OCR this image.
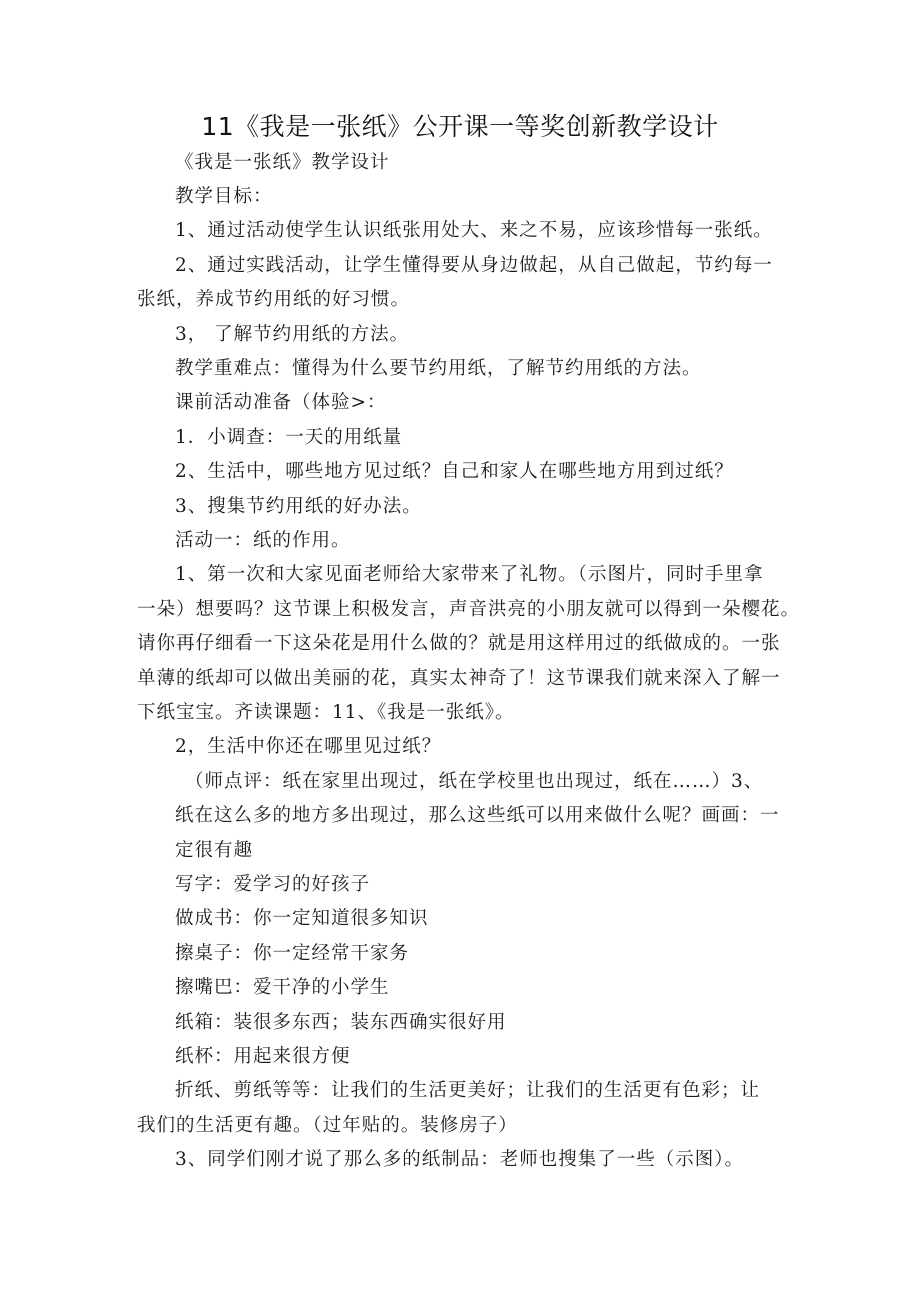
11《我是一张纸》公开课一等奖创新教学设计
《我是一张纸》教学设计
教学目标：
1、通过活动使学生认识纸张用处大、来之不易，应该珍惜每一张纸。
2、通过实践活动，让学生懂得要从身边做起，从自己做起，节约每一
张纸，养成节约用纸的好习惯。
3， 了解节约用纸的方法。
教学重难点：懂得为什么要节约用纸，了解节约用纸的方法。
课前活动准备（体验>：
1．小调查：一天的用纸量
2、生活中，哪些地方见过纸？自己和家人在哪些地方用到过纸？
3、搜集节约用纸的好办法。
活动一：纸的作用。
1、第一次和大家见面老师给大家带来了礼物。（示图片，同时手里拿
一朵）想要吗？这节课上积极发言，声音洪亮的小朋友就可以得到一朵樱花。
请你再仔细看一下这朵花是用什么做的？就是用这样用过的纸做成的。一张
单薄的纸却可以做出美丽的花，真实太神奇了！这节课我们就来深入了解一
下纸宝宝。齐读课题：11、《我是一张纸》。
2，生活中你还在哪里见过纸？
（师点评：纸在家里出现过，纸在学校里也出现过，纸在……）3、
纸在这么多的地方多出现过，那么这些纸可以用来做什么呢？画画：一
定很有趣
写字：爱学习的好孩子
做成书：你一定知道很多知识
擦桌子：你一定经常干家务
擦嘴巴：爱干净的小学生
纸箱：装很多东西；装东西确实很好用
纸杯：用起来很方便
折纸、剪纸等等：让我们的生活更美好；让我们的生活更有色彩；让
我们的生活更有趣。（过年贴的。装修房子）
3、同学们刚才说了那么多的纸制品：老师也搜集了一些（示图）。
